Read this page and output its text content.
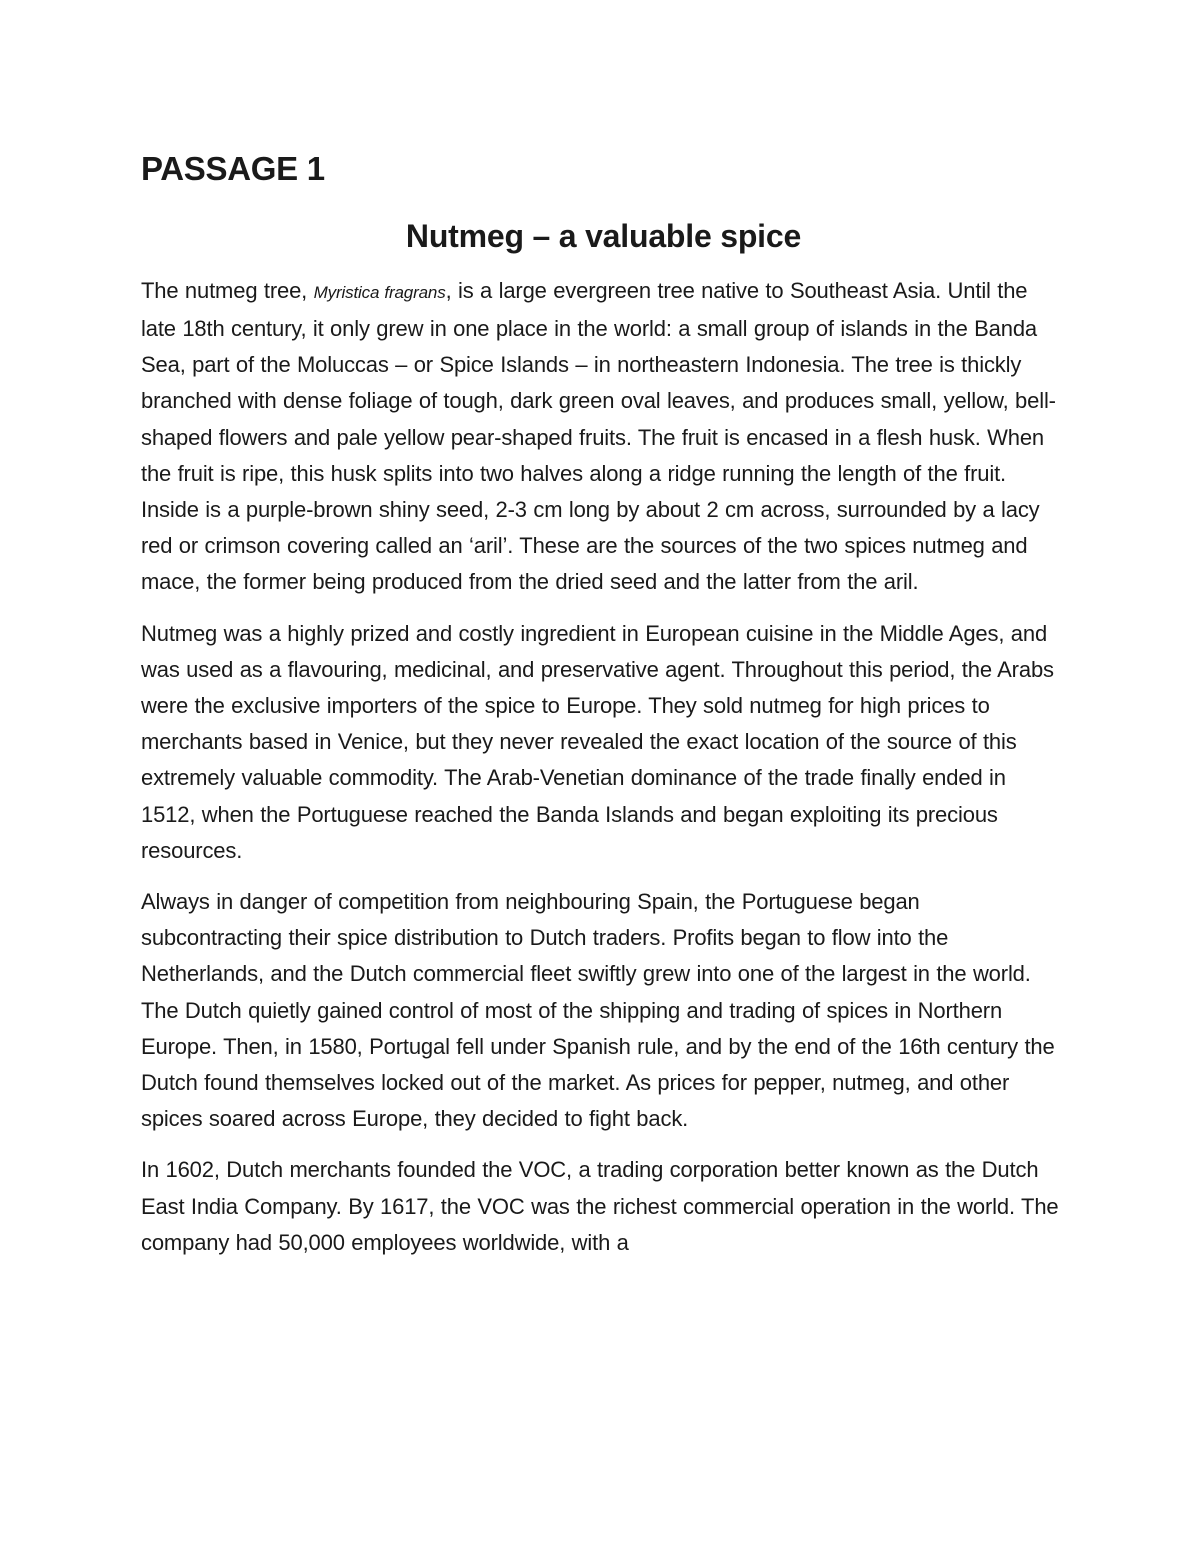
PASSAGE 1
Nutmeg – a valuable spice

The nutmeg tree, Myristica fragrans, is a large evergreen tree native to Southeast Asia. Until the late 18th century, it only grew in one place in the world: a small group of islands in the Banda Sea, part of the Moluccas – or Spice Islands – in northeastern Indonesia. The tree is thickly branched with dense foliage of tough, dark green oval leaves, and produces small, yellow, bell-shaped flowers and pale yellow pear-shaped fruits. The fruit is encased in a flesh husk. When the fruit is ripe, this husk splits into two halves along a ridge running the length of the fruit. Inside is a purple-brown shiny seed, 2-3 cm long by about 2 cm across, surrounded by a lacy red or crimson covering called an ‘aril’. These are the sources of the two spices nutmeg and mace, the former being produced from the dried seed and the latter from the aril.

Nutmeg was a highly prized and costly ingredient in European cuisine in the Middle Ages, and was used as a flavouring, medicinal, and preservative agent. Throughout this period, the Arabs were the exclusive importers of the spice to Europe. They sold nutmeg for high prices to merchants based in Venice, but they never revealed the exact location of the source of this extremely valuable commodity. The Arab-Venetian dominance of the trade finally ended in 1512, when the Portuguese reached the Banda Islands and began exploiting its precious resources.

Always in danger of competition from neighbouring Spain, the Portuguese began subcontracting their spice distribution to Dutch traders. Profits began to flow into the Netherlands, and the Dutch commercial fleet swiftly grew into one of the largest in the world. The Dutch quietly gained control of most of the shipping and trading of spices in Northern Europe. Then, in 1580, Portugal fell under Spanish rule, and by the end of the 16th century the Dutch found themselves locked out of the market. As prices for pepper, nutmeg, and other spices soared across Europe, they decided to fight back.

In 1602, Dutch merchants founded the VOC, a trading corporation better known as the Dutch East India Company. By 1617, the VOC was the richest commercial operation in the world. The company had 50,000 employees worldwide, with a
